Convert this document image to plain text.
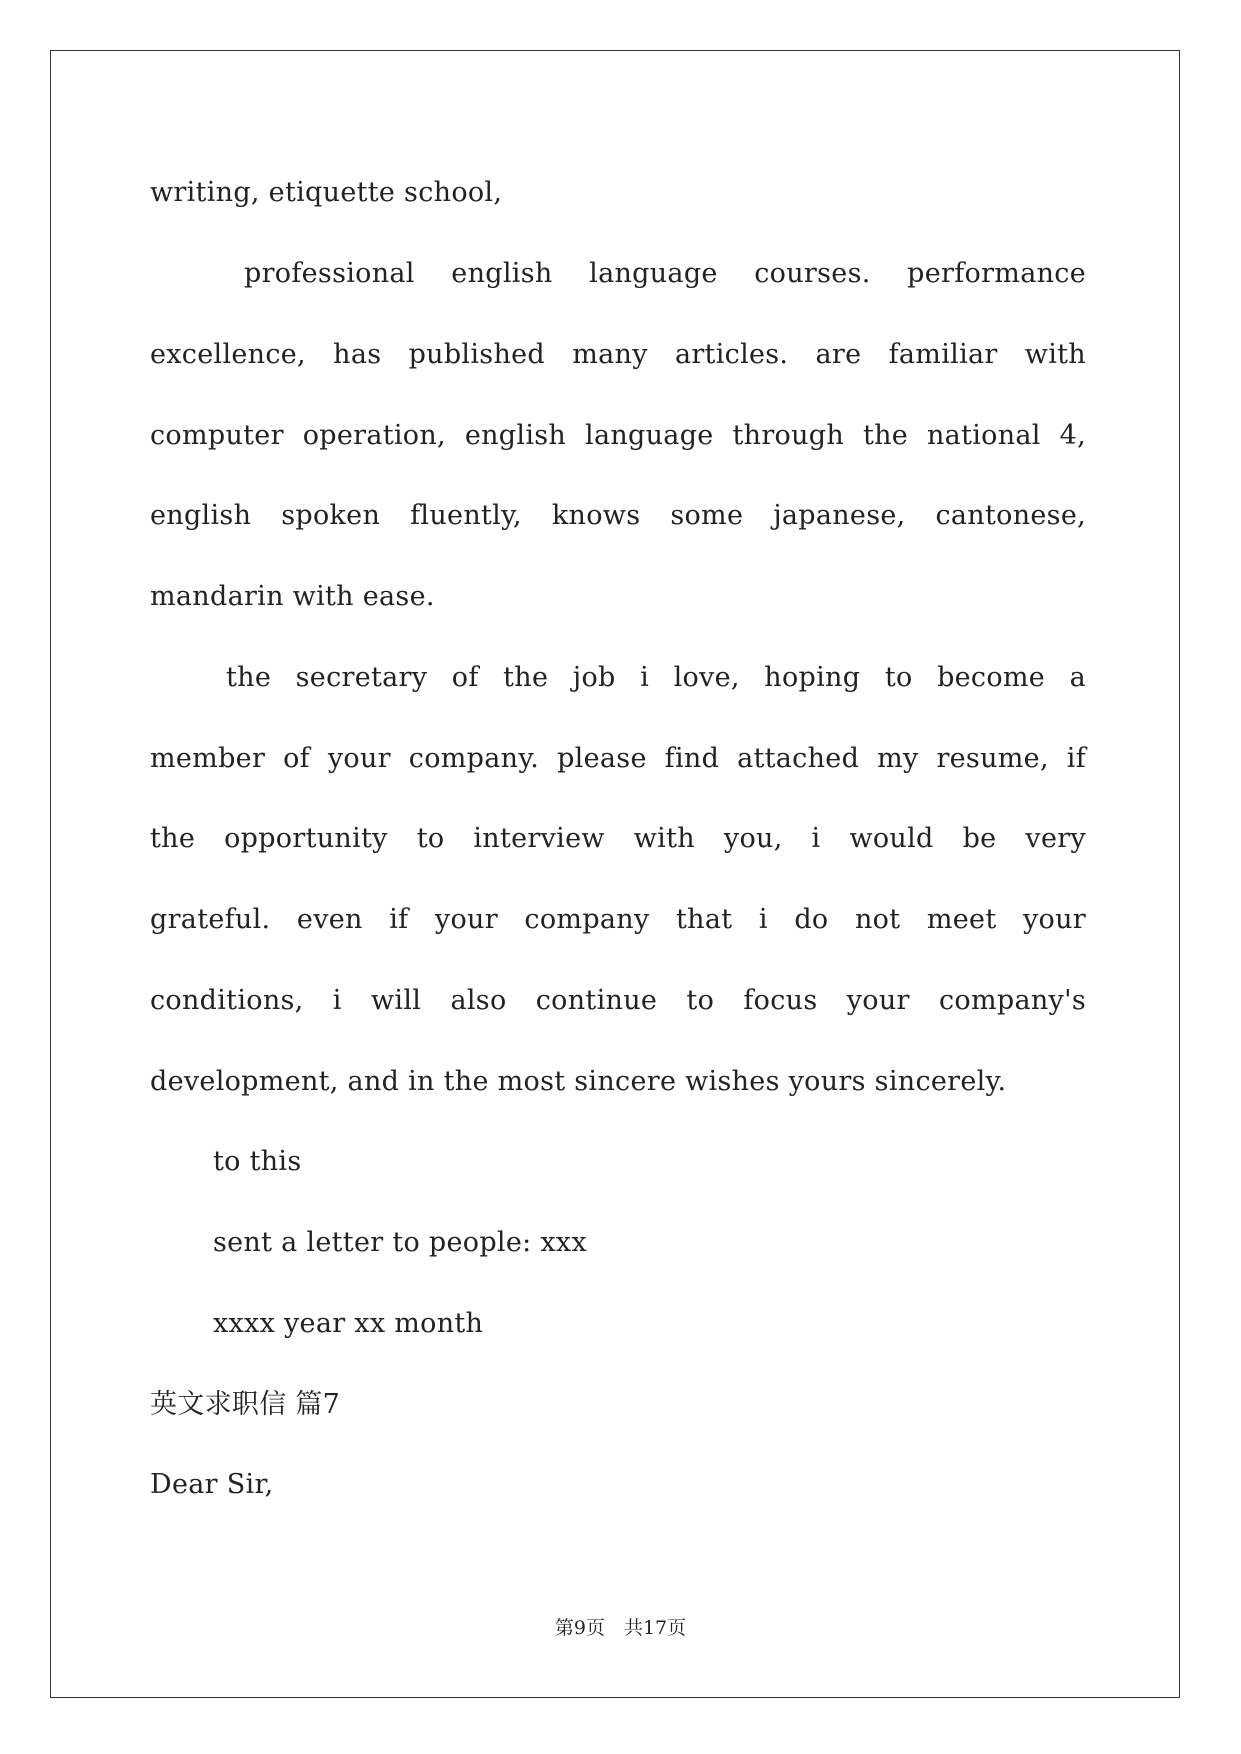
writing, etiquette school,
professional english language courses. performance
excellence, has published many articles. are familiar with
computer operation, english language through the national 4,
english spoken fluently, knows some japanese, cantonese,
mandarin with ease.
the secretary of the job i love, hoping to become a
member of your company. please find attached my resume, if
the opportunity to interview with you, i would be very
grateful. even if your company that i do not meet your
conditions, i will also continue to focus your company's
development, and in the most sincere wishes yours sincerely.
to this
sent a letter to people: xxx
xxxx year xx month
英文求职信 篇7
Dear Sir,
第9页　共17页
